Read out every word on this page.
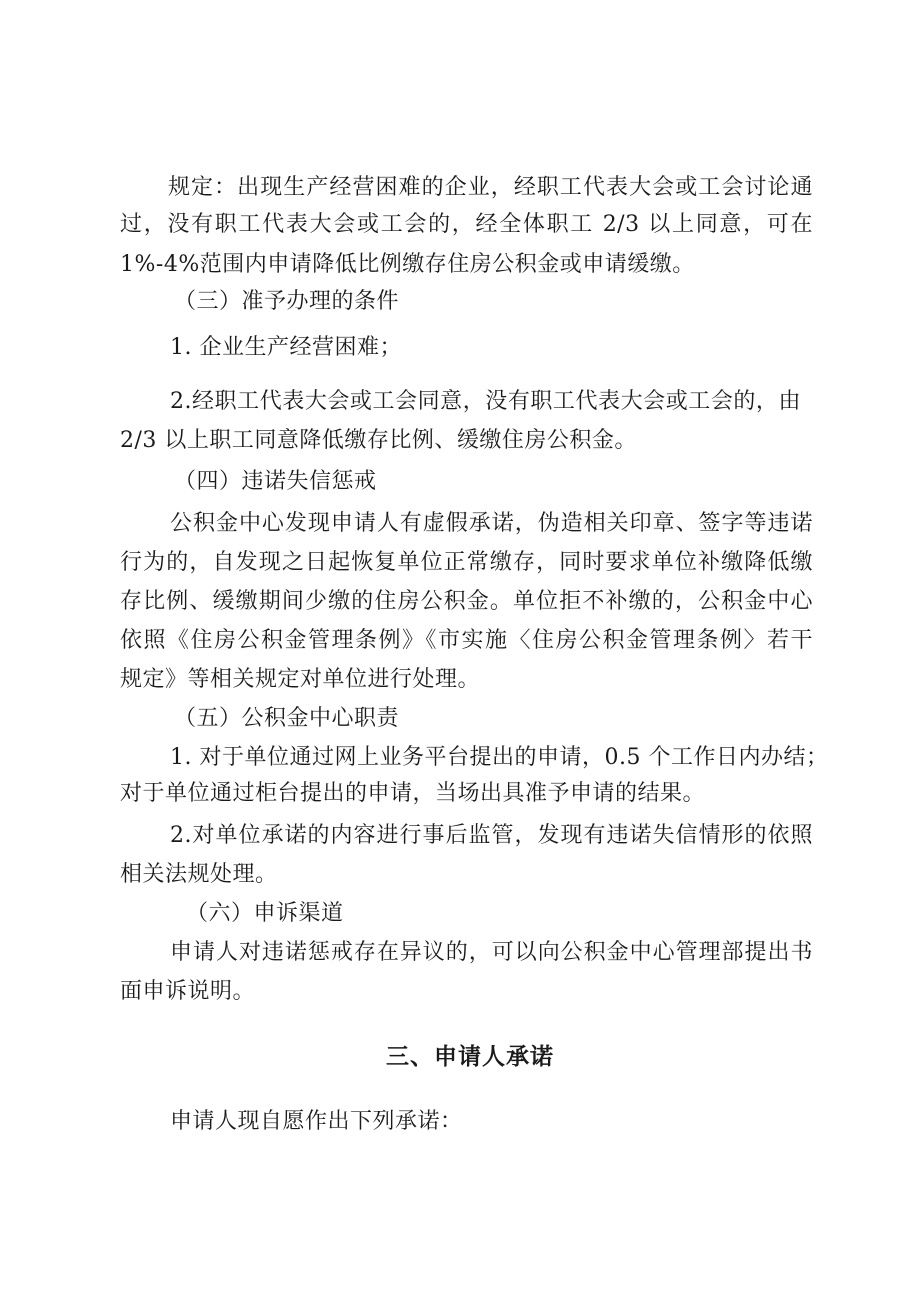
规定：出现生产经营困难的企业，经职工代表大会或工会讨论通
过，没有职工代表大会或工会的，经全体职工 2/3 以上同意，可在
1%-4%范围内申请降低比例缴存住房公积金或申请缓缴。
（三）准予办理的条件
1. 企业生产经营困难；
2.经职工代表大会或工会同意，没有职工代表大会或工会的，由
2/3 以上职工同意降低缴存比例、缓缴住房公积金。
（四）违诺失信惩戒
公积金中心发现申请人有虚假承诺，伪造相关印章、签字等违诺
行为的，自发现之日起恢复单位正常缴存，同时要求单位补缴降低缴
存比例、缓缴期间少缴的住房公积金。单位拒不补缴的，公积金中心
依照《住房公积金管理条例》《市实施〈住房公积金管理条例〉若干
规定》等相关规定对单位进行处理。
（五）公积金中心职责
1. 对于单位通过网上业务平台提出的申请，0.5 个工作日内办结；
对于单位通过柜台提出的申请，当场出具准予申请的结果。
2.对单位承诺的内容进行事后监管，发现有违诺失信情形的依照
相关法规处理。
（六）申诉渠道
申请人对违诺惩戒存在异议的，可以向公积金中心管理部提出书
面申诉说明。
三、申请人承诺
申请人现自愿作出下列承诺：
